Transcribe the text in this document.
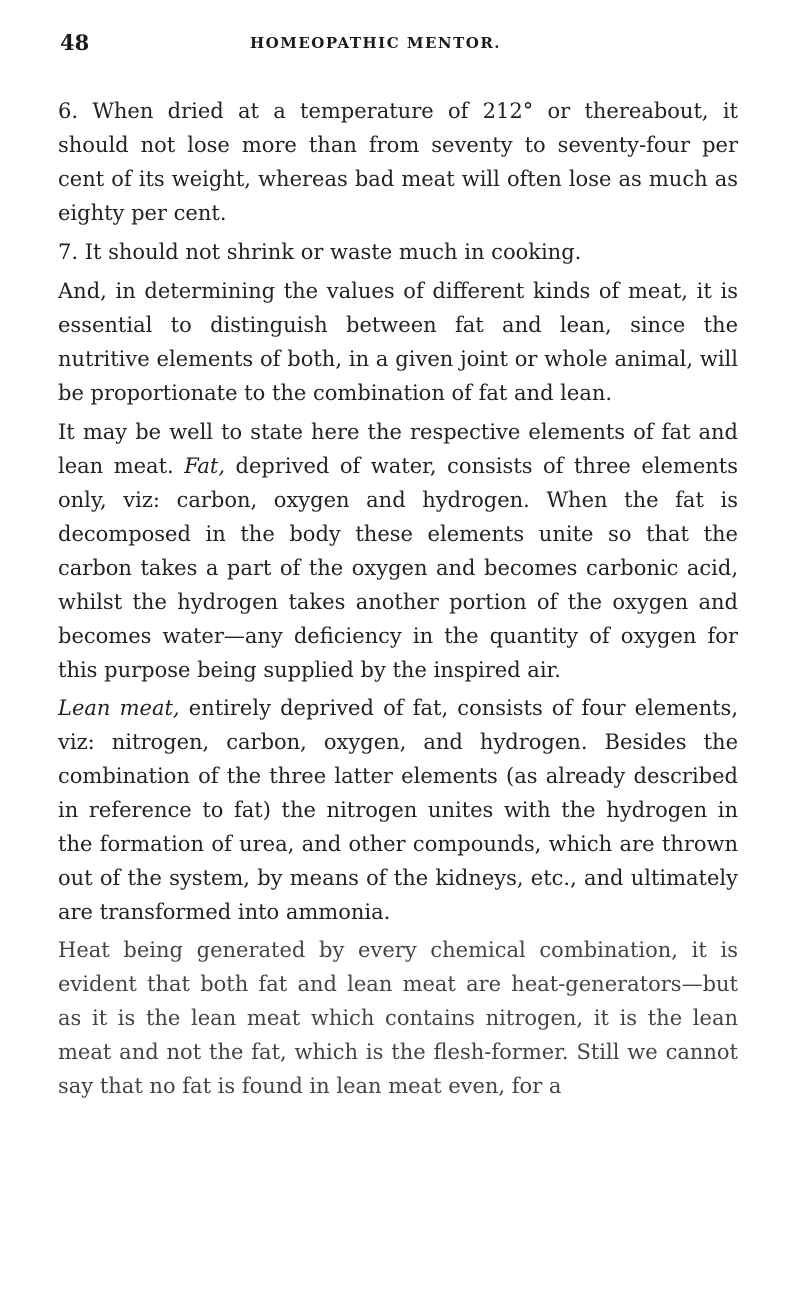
48	HOMEOPATHIC MENTOR.

6. When dried at a temperature of 212° or thereabout, it should not lose more than from seventy to seventy-four per cent of its weight, whereas bad meat will often lose as much as eighty per cent.

7. It should not shrink or waste much in cooking.

And, in determining the values of different kinds of meat, it is essential to distinguish between fat and lean, since the nutritive elements of both, in a given joint or whole animal, will be proportionate to the combination of fat and lean.

It may be well to state here the respective elements of fat and lean meat. Fat, deprived of water, consists of three elements only, viz: carbon, oxygen and hydrogen. When the fat is decomposed in the body these elements unite so that the carbon takes a part of the oxygen and becomes carbonic acid, whilst the hydrogen takes another portion of the oxygen and becomes water—any deficiency in the quantity of oxygen for this purpose being supplied by the inspired air.

Lean meat, entirely deprived of fat, consists of four elements, viz: nitrogen, carbon, oxygen, and hydrogen. Besides the combination of the three latter elements (as already described in reference to fat) the nitrogen unites with the hydrogen in the formation of urea, and other compounds, which are thrown out of the system, by means of the kidneys, etc., and ultimately are transformed into ammonia.

Heat being generated by every chemical combination, it is evident that both fat and lean meat are heat-generators—but as it is the lean meat which contains nitrogen, it is the lean meat and not the fat, which is the flesh-former. Still we cannot say that no fat is found in lean meat even, for a
